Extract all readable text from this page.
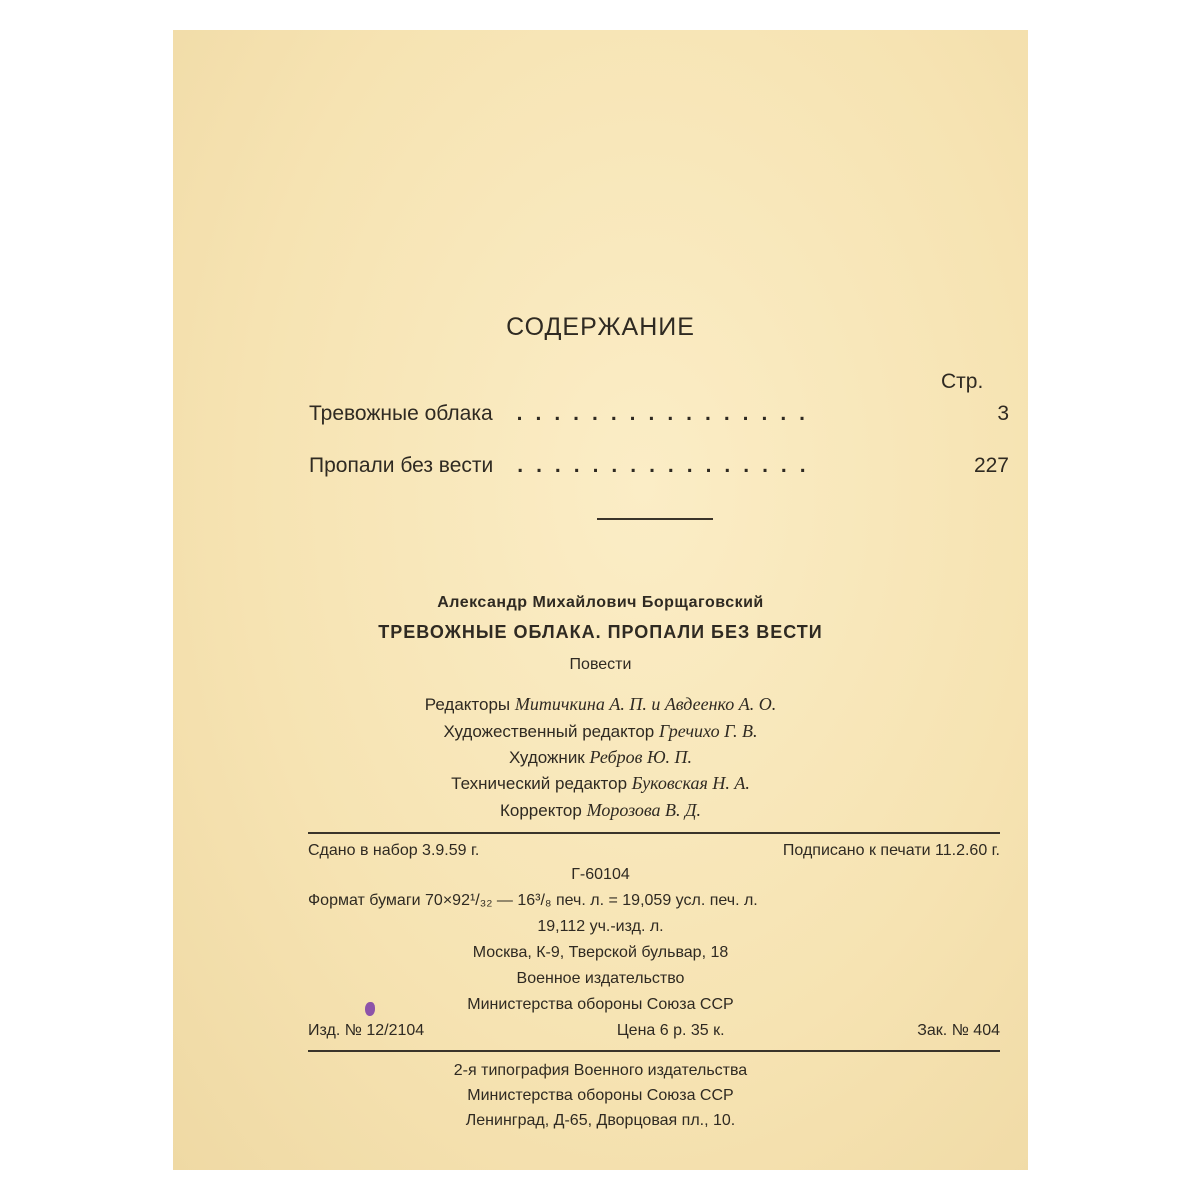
СОДЕРЖАНИЕ
Стр.
Тревожные облака ................	3
Пропали без вести ................	227
Александр Михайлович Борщаговский
ТРЕВОЖНЫЕ ОБЛАКА. ПРОПАЛИ БЕЗ ВЕСТИ
Повести
Редакторы Митичкина А. П. и Авдеенко А. О.
Художественный редактор Гречихо Г. В.
Художник Ребров Ю. П.
Технический редактор Буковская Н. А.
Корректор Морозова В. Д.
Сдано в набор 3.9.59 г.	Подписано к печати 11.2.60 г.
Г-60104
Формат бумаги 70×92¹/₃₂ — 16³/₈ печ. л. = 19,059 усл. печ. л.
19,112 уч.-изд. л.
Москва, К-9, Тверской бульвар, 18
Военное издательство
Министерства обороны Союза ССР
Изд. № 12/2104	Цена 6 р. 35 к.	Зак. № 404
2-я типография Военного издательства
Министерства обороны Союза ССР
Ленинград, Д-65, Дворцовая пл., 10.
